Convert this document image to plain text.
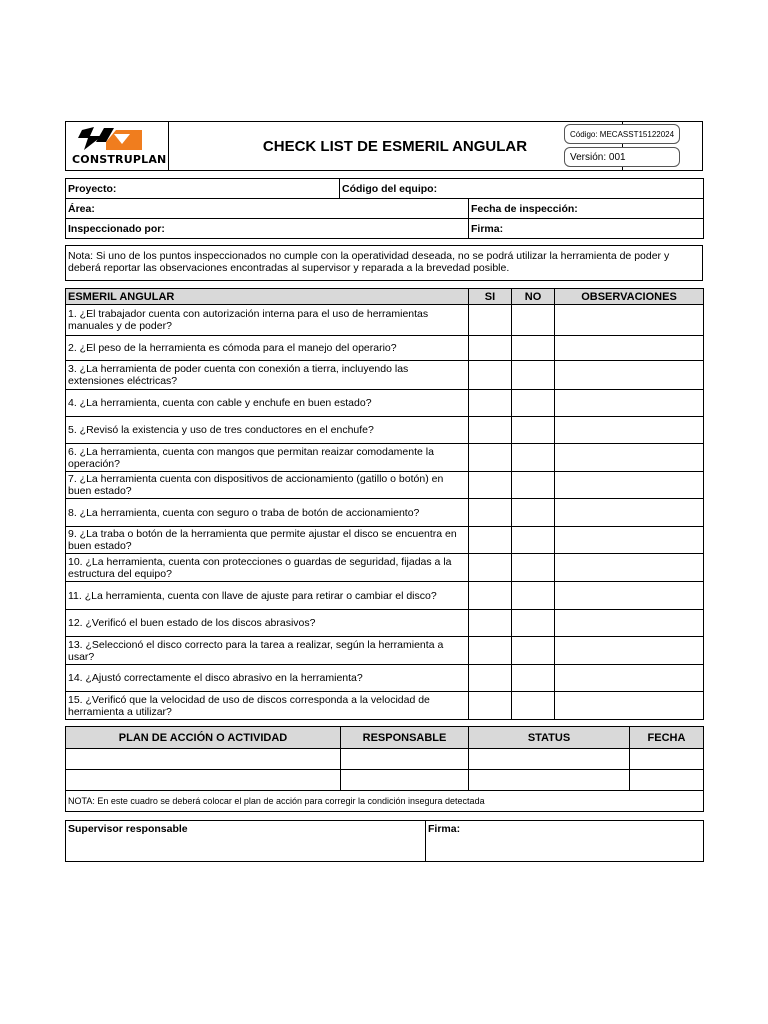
CONSTRUPLAN
CHECK LIST DE ESMERIL ANGULAR
Código: MECASST15122024
Versión: 001
Proyecto:	Código del equipo:	
Área:		Fecha de inspección:
Inspeccionado por:		Firma:
Nota: Si uno de los puntos inspeccionados no cumple con la operatividad deseada, no se podrá utilizar la herramienta de poder y deberá reportar las observaciones encontradas al supervisor y reparada a la brevedad posible.
ESMERIL ANGULAR	SI	NO	OBSERVACIONES
1. ¿El trabajador cuenta con autorización interna para el uso de herramientas manuales y de poder?			
2. ¿El peso de la herramienta es cómoda para el manejo del operario?			
3. ¿La herramienta de poder cuenta con conexión a tierra, incluyendo las extensiones eléctricas?			
4. ¿La herramienta, cuenta con cable y enchufe en buen estado?			
5. ¿Revisó la existencia y uso de tres conductores en el enchufe?			
6. ¿La herramienta, cuenta con mangos que permitan reaizar comodamente la operación?			
7. ¿La herramienta cuenta con dispositivos de accionamiento (gatillo o botón) en buen estado?			
8. ¿La herramienta, cuenta con seguro o traba de botón de accionamiento?			
9. ¿La traba o botón de la herramienta que permite ajustar el disco se encuentra en buen estado?			
10. ¿La herramienta, cuenta con protecciones o guardas de seguridad, fijadas a la estructura del equipo?			
11. ¿La herramienta, cuenta con llave de ajuste para retirar o cambiar el disco?			
12. ¿Verificó el buen estado de los discos abrasivos?			
13. ¿Seleccionó el disco correcto para la tarea a realizar, según la herramienta a usar?			
14. ¿Ajustó correctamente el disco abrasivo en la herramienta?			
15. ¿Verificó que la velocidad de uso de discos corresponda a la velocidad de herramienta a utilizar?			
PLAN DE ACCIÓN O ACTIVIDAD	RESPONSABLE	STATUS	FECHA

NOTA: En este cuadro se deberá colocar el plan de acción para corregir la condición insegura detectada			
Supervisor responsable	Firma:
